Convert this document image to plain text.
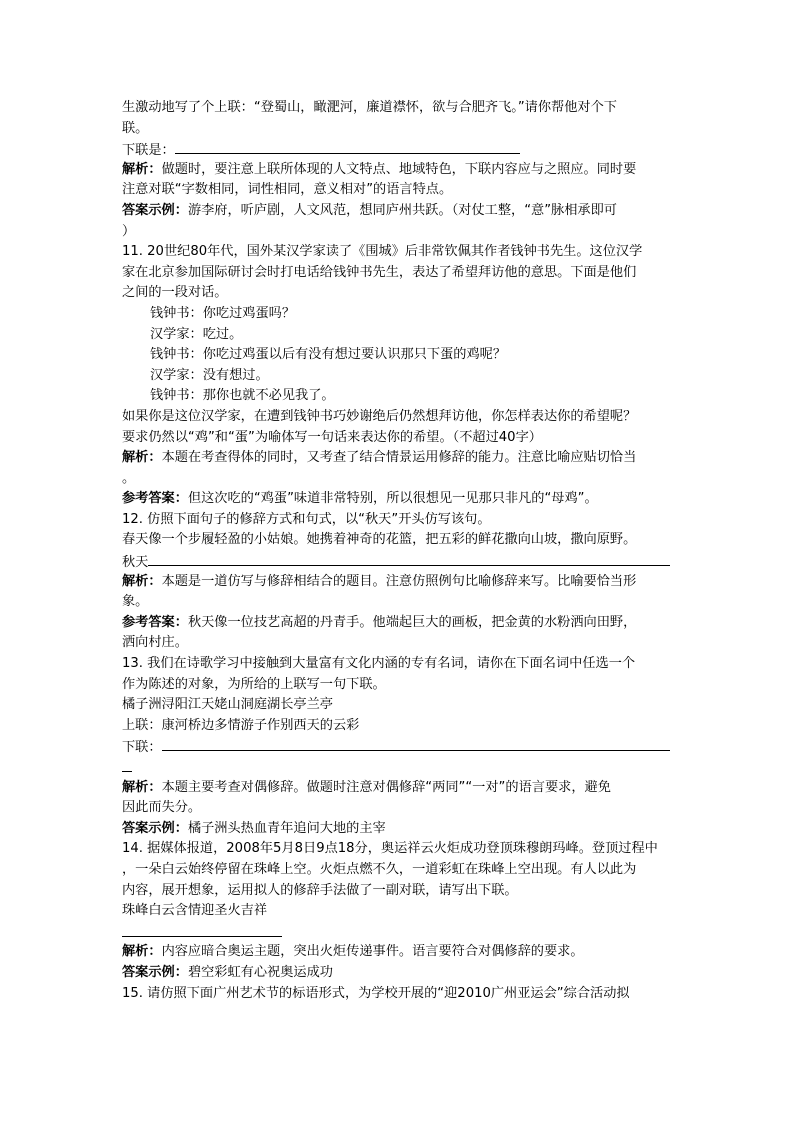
生激动地写了个上联：“登蜀山，瞰淝河，廉道襟怀，欲与合肥齐飞。”请你帮他对个下
联。
下联是：
解析：做题时，要注意上联所体现的人文特点、地域特色，下联内容应与之照应。同时要
注意对联“字数相同，词性相同，意义相对”的语言特点。
答案示例：游李府，听庐剧，人文风范，想同庐州共跃。（对仗工整，“意”脉相承即可
）
11. 20世纪80年代，国外某汉学家读了《围城》后非常钦佩其作者钱钟书先生。这位汉学
家在北京参加国际研讨会时打电话给钱钟书先生，表达了希望拜访他的意思。下面是他们
之间的一段对话。
钱钟书：你吃过鸡蛋吗？
汉学家：吃过。
钱钟书：你吃过鸡蛋以后有没有想过要认识那只下蛋的鸡呢？
汉学家：没有想过。
钱钟书：那你也就不必见我了。
如果你是这位汉学家，在遭到钱钟书巧妙谢绝后仍然想拜访他，你怎样表达你的希望呢？
要求仍然以“鸡”和“蛋”为喻体写一句话来表达你的希望。（不超过40字）
解析：本题在考查得体的同时，又考查了结合情景运用修辞的能力。注意比喻应贴切恰当
。
参考答案：但这次吃的“鸡蛋”味道非常特别，所以很想见一见那只非凡的“母鸡”。
12. 仿照下面句子的修辞方式和句式，以“秋天”开头仿写该句。
春天像一个步履轻盈的小姑娘。她携着神奇的花篮，把五彩的鲜花撒向山坡，撒向原野。
秋天
解析：本题是一道仿写与修辞相结合的题目。注意仿照例句比喻修辞来写。比喻要恰当形
象。
参考答案：秋天像一位技艺高超的丹青手。他端起巨大的画板，把金黄的水粉洒向田野，
洒向村庄。
13. 我们在诗歌学习中接触到大量富有文化内涵的专有名词，请你在下面名词中任选一个
作为陈述的对象，为所给的上联写一句下联。
橘子洲浔阳江天姥山洞庭湖长亭兰亭
上联：康河桥边多情游子作别西天的云彩
下联：
解析：本题主要考查对偶修辞。做题时注意对偶修辞“两同”“一对”的语言要求，避免
因此而失分。
答案示例：橘子洲头热血青年追问大地的主宰
14. 据媒体报道，2008年5月8日9点18分，奥运祥云火炬成功登顶珠穆朗玛峰。登顶过程中
，一朵白云始终停留在珠峰上空。火炬点燃不久，一道彩虹在珠峰上空出现。有人以此为
内容，展开想象，运用拟人的修辞手法做了一副对联，请写出下联。
珠峰白云含情迎圣火吉祥
解析：内容应暗合奥运主题，突出火炬传递事件。语言要符合对偶修辞的要求。
答案示例：碧空彩虹有心祝奥运成功
15. 请仿照下面广州艺术节的标语形式，为学校开展的“迎2010广州亚运会”综合活动拟
